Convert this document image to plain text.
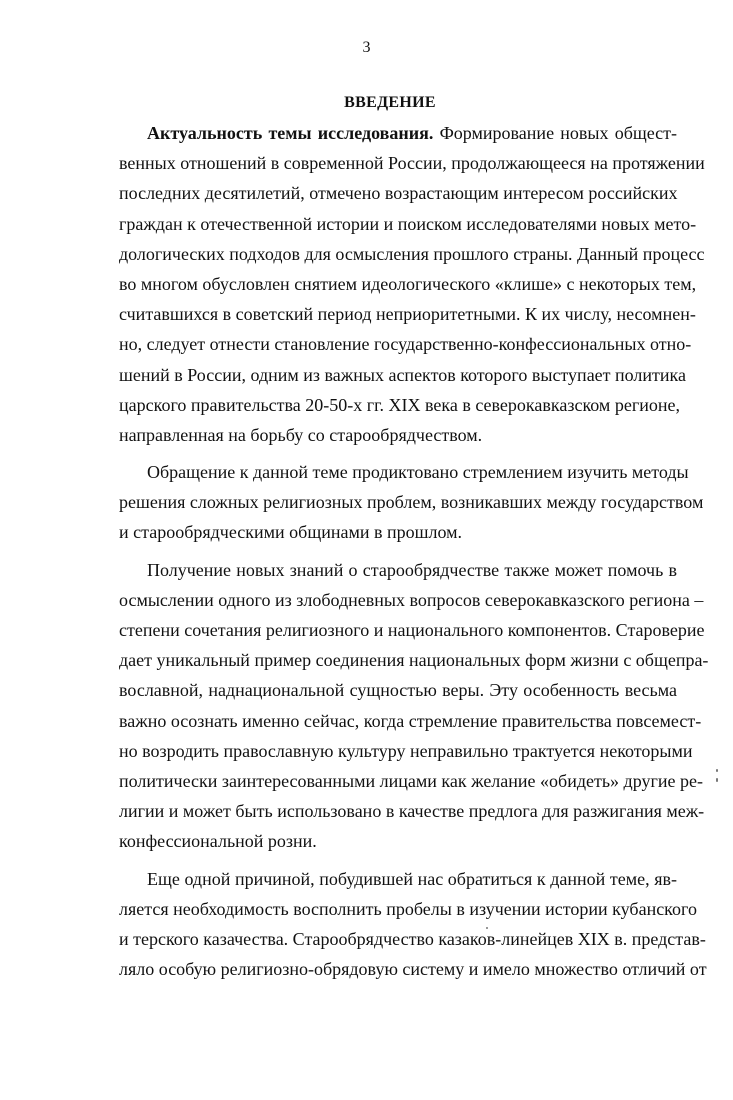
3
ВВЕДЕНИЕ

Актуальность темы исследования. Формирование новых общест-
венных отношений в современной России, продолжающееся на протяжении
последних десятилетий, отмечено возрастающим интересом российских
граждан к отечественной истории и поиском исследователями новых мето-
дологических подходов для осмысления прошлого страны. Данный процесс
во многом обусловлен снятием идеологического «клише» с некоторых тем,
считавшихся в советский период неприоритетными. К их числу, несомнен-
но, следует отнести становление государственно-конфессиональных отно-
шений в России, одним из важных аспектов которого выступает политика
царского правительства 20-50-х гг. XIX века в северокавказском регионе,
направленная на борьбу со старообрядчеством.

Обращение к данной теме продиктовано стремлением изучить методы
решения сложных религиозных проблем, возникавших между государством
и старообрядческими общинами в прошлом.

Получение новых знаний о старообрядчестве также может помочь в
осмыслении одного из злободневных вопросов северокавказского региона –
степени сочетания религиозного и национального компонентов. Староверие
дает уникальный пример соединения национальных форм жизни с общепра-
вославной, наднациональной сущностью веры. Эту особенность весьма
важно осознать именно сейчас, когда стремление правительства повсемест-
но возродить православную культуру неправильно трактуется некоторыми
политически заинтересованными лицами как желание «обидеть» другие ре-
лигии и может быть использовано в качестве предлога для разжигания меж-
конфессиональной розни.

Еще одной причиной, побудившей нас обратиться к данной теме, яв-
ляется необходимость восполнить пробелы в изучении истории кубанского
и терского казачества. Старообрядчество казаков-линейцев XIX в. представ-
ляло особую религиозно-обрядовую систему и имело множество отличий от
